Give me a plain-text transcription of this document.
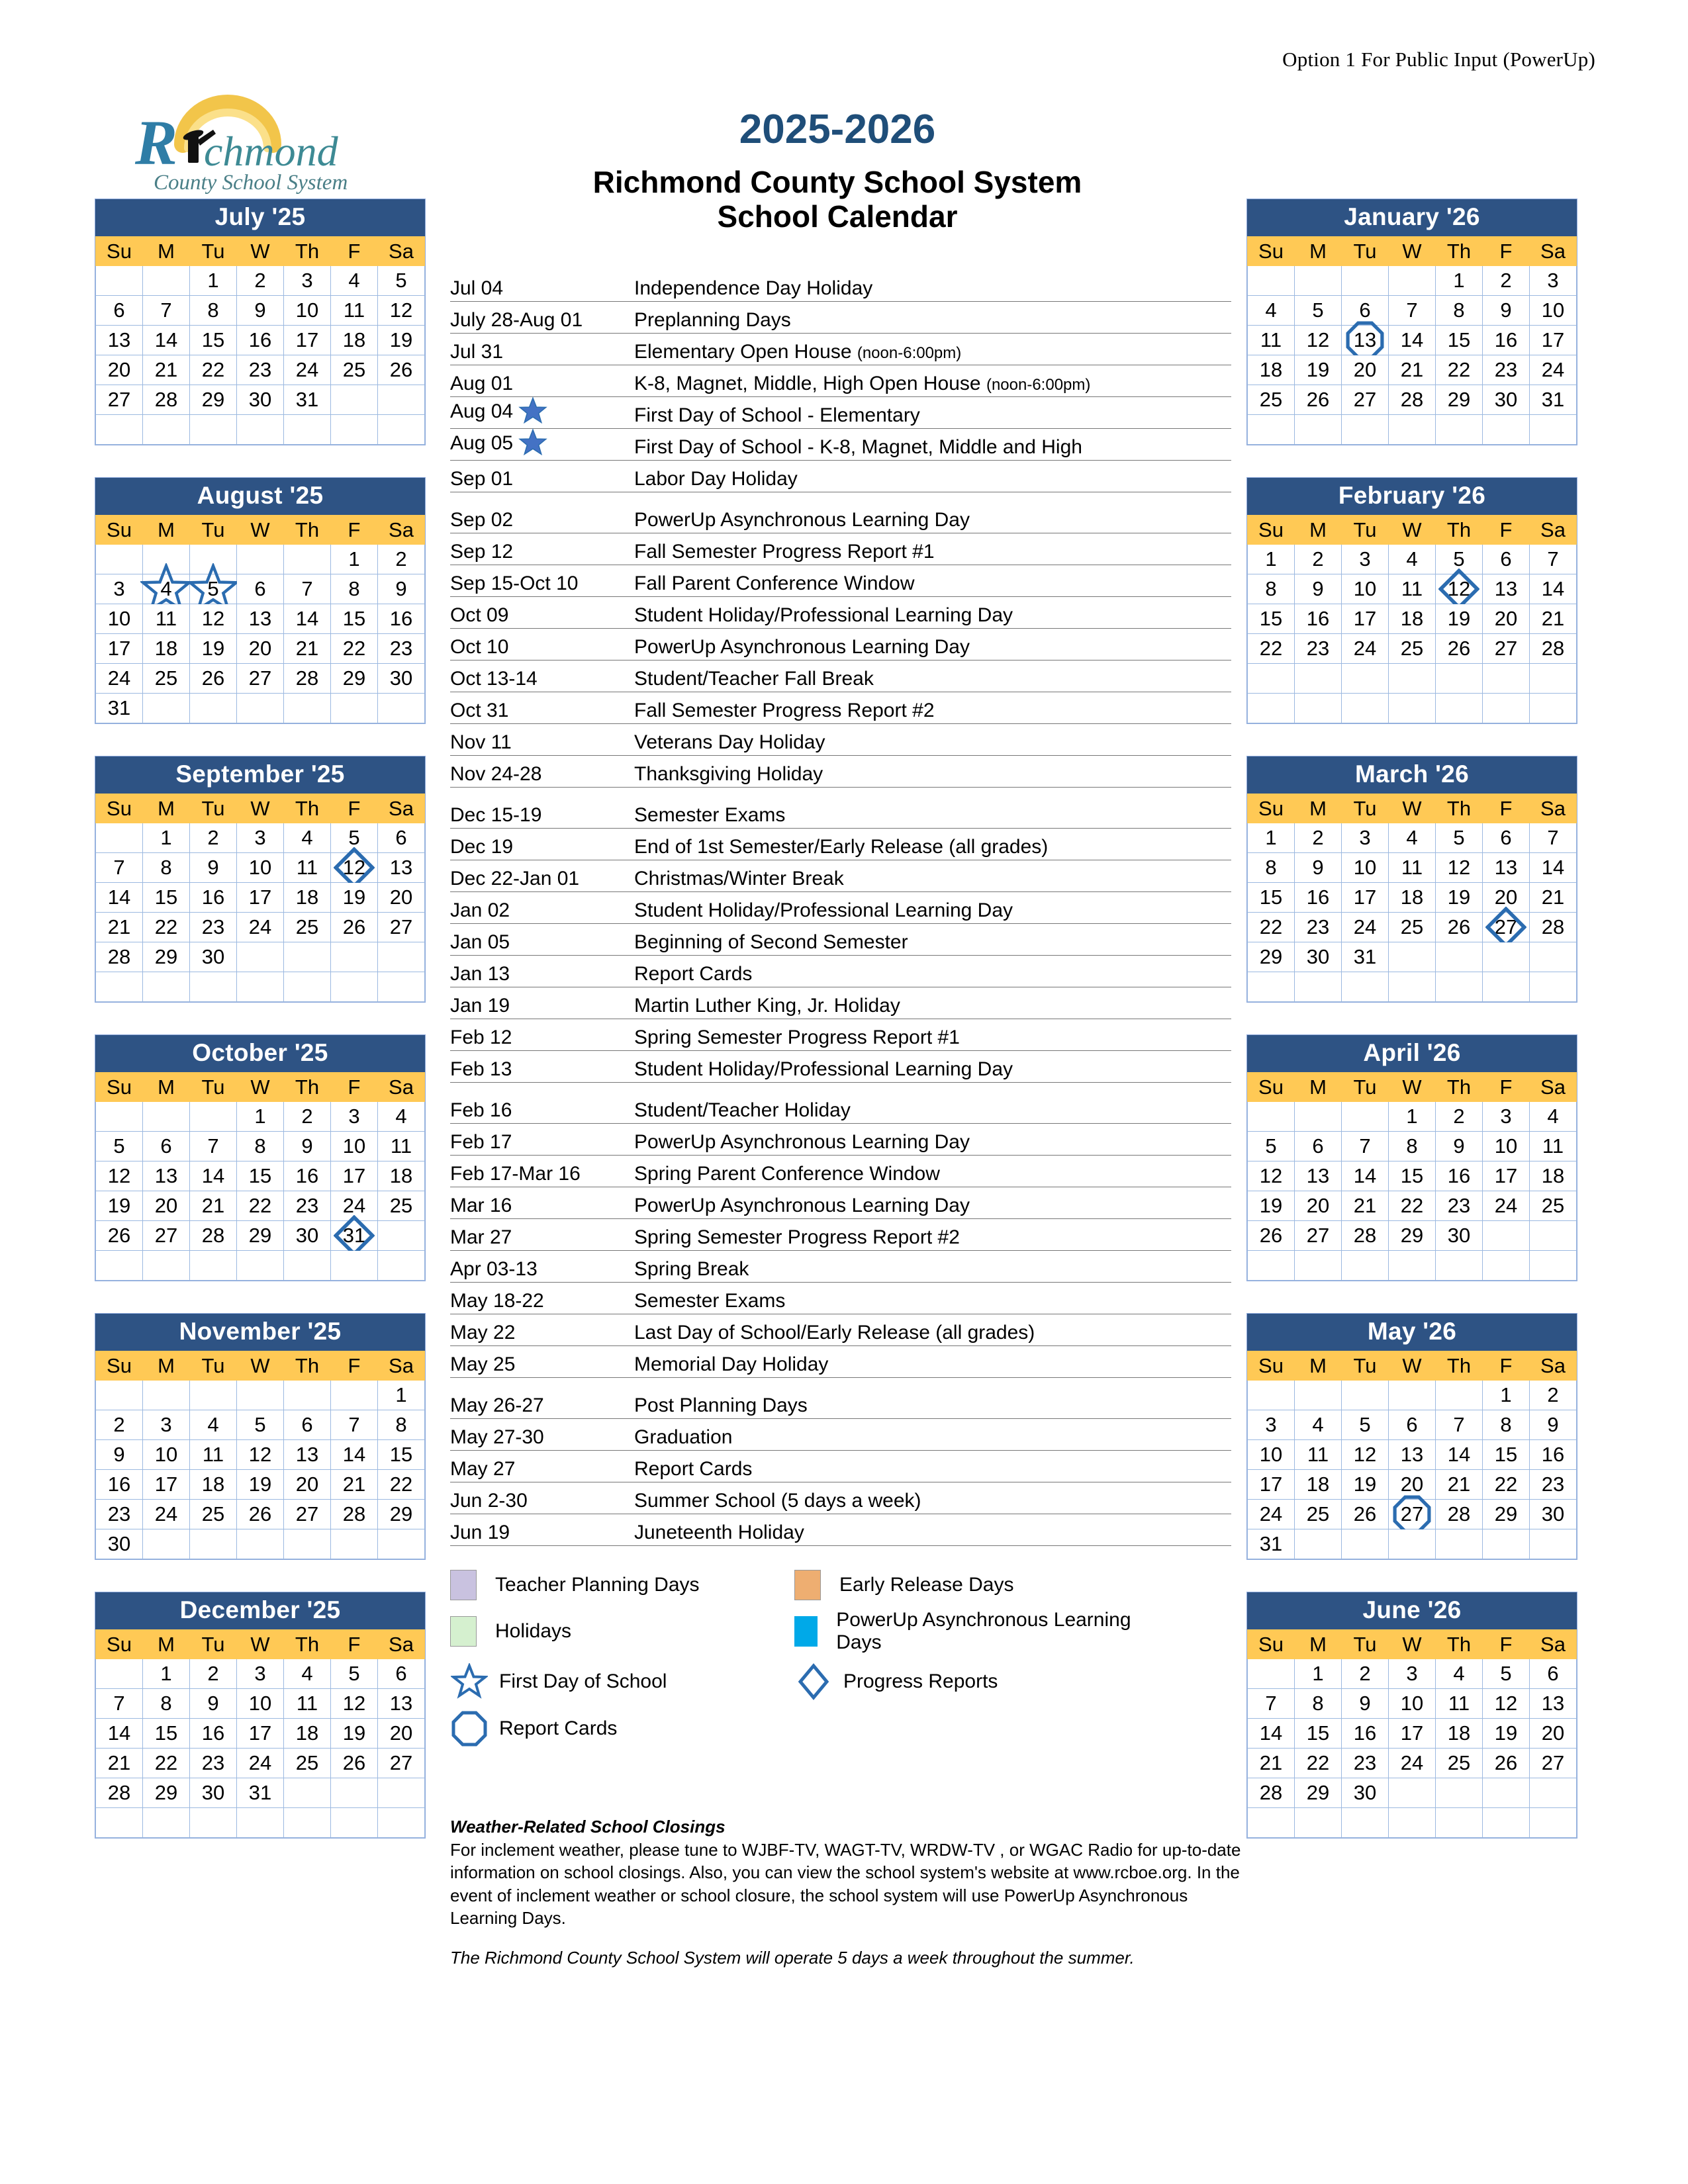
Option 1 For Public Input (PowerUp)
R chmond
County School System
2025-2026
Richmond County School System
School Calendar
July '25
Su	M	Tu	W	Th	F	Sa
		1	2	3	4	5
6	7	8	9	10	11	12
13	14	15	16	17	18	19
20	21	22	23	24	25	26
27	28	29	30	31		

August '25
Su	M	Tu	W	Th	F	Sa
					1	2
3	4	5	6	7	8	9
10	11	12	13	14	15	16
17	18	19	20	21	22	23
24	25	26	27	28	29	30
31						
September '25
Su	M	Tu	W	Th	F	Sa
	1	2	3	4	5	6
7	8	9	10	11	12	13
14	15	16	17	18	19	20
21	22	23	24	25	26	27
28	29	30				

October '25
Su	M	Tu	W	Th	F	Sa
			1	2	3	4
5	6	7	8	9	10	11
12	13	14	15	16	17	18
19	20	21	22	23	24	25
26	27	28	29	30	31

November '25
Su	M	Tu	W	Th	F	Sa
						1
2	3	4	5	6	7	8
9	10	11	12	13	14	15
16	17	18	19	20	21	22
23	24	25	26	27	28	29
30						
December '25
Su	M	Tu	W	Th	F	Sa
	1	2	3	4	5	6
7	8	9	10	11	12	13
14	15	16	17	18	19	20
21	22	23	24	25	26	27
28	29	30	31			

January '26
Su	M	Tu	W	Th	F	Sa
				1	2	3
4	5	6	7	8	9	10
11	12	13	14	15	16	17
18	19	20	21	22	23	24
25	26	27	28	29	30	31

February '26
Su	M	Tu	W	Th	F	Sa
1	2	3	4	5	6	7
8	9	10	11	12	13	14
15	16	17	18	19	20	21
22	23	24	25	26	27	28

March '26
Su	M	Tu	W	Th	F	Sa
1	2	3	4	5	6	7
8	9	10	11	12	13	14
15	16	17	18	19	20	21
22	23	24	25	26	27	28
29	30	31				

April '26
Su	M	Tu	W	Th	F	Sa
			1	2	3	4
5	6	7	8	9	10	11
12	13	14	15	16	17	18
19	20	21	22	23	24	25
26	27	28	29	30		

May '26
Su	M	Tu	W	Th	F	Sa
					1	2
3	4	5	6	7	8	9
10	11	12	13	14	15	16
17	18	19	20	21	22	23
24	25	26	27	28	29	30
31						
June '26
Su	M	Tu	W	Th	F	Sa
	1	2	3	4	5	6
7	8	9	10	11	12	13
14	15	16	17	18	19	20
21	22	23	24	25	26	27
28	29	30				

Jul 04	Independence Day Holiday
July 28-Aug 01	Preplanning Days
Jul 31	Elementary Open House (noon-6:00pm)
Aug 01	K-8, Magnet, Middle, High Open House (noon-6:00pm)
Aug 04	First Day of School - Elementary
Aug 05	First Day of School - K-8, Magnet, Middle and High
Sep 01	Labor Day Holiday
Sep 02	PowerUp Asynchronous Learning Day
Sep 12	Fall Semester Progress Report #1
Sep 15-Oct 10	Fall Parent Conference Window
Oct 09	Student Holiday/Professional Learning Day
Oct 10	PowerUp Asynchronous Learning Day
Oct 13-14	Student/Teacher Fall Break
Oct 31	Fall Semester Progress Report #2
Nov 11	Veterans Day Holiday
Nov 24-28	Thanksgiving Holiday
Dec 15-19	Semester Exams
Dec 19	End of 1st Semester/Early Release (all grades)
Dec 22-Jan 01	Christmas/Winter Break
Jan 02	Student Holiday/Professional Learning Day
Jan 05	Beginning of Second Semester
Jan 13	Report Cards
Jan 19	Martin Luther King, Jr. Holiday
Feb 12	Spring Semester Progress Report #1
Feb 13	Student Holiday/Professional Learning Day
Feb 16	Student/Teacher Holiday
Feb 17	PowerUp Asynchronous Learning Day
Feb 17-Mar 16	Spring Parent Conference Window
Mar 16	PowerUp Asynchronous Learning Day
Mar 27	Spring Semester Progress Report #2
Apr 03-13	Spring Break
May 18-22	Semester Exams
May 22	Last Day of School/Early Release (all grades)
May 25	Memorial Day Holiday
May 26-27	Post Planning Days
May 27-30	Graduation
May 27	Report Cards
Jun 2-30	Summer School (5 days a week)
Jun 19	Juneteenth Holiday
Teacher Planning Days	Early Release Days
Holidays
PowerUp Asynchronous Learning Days
First Day of School	Progress Reports
Report Cards
Weather-Related School Closings
For inclement weather, please tune to WJBF-TV, WAGT-TV, WRDW-TV , or WGAC Radio for up-to-date information on school closings. Also, you can view the school system's website at www.rcboe.org. In the event of inclement weather or school closure, the school system will use PowerUp Asynchronous Learning Days.
The Richmond County School System will operate 5 days a week throughout the summer.
